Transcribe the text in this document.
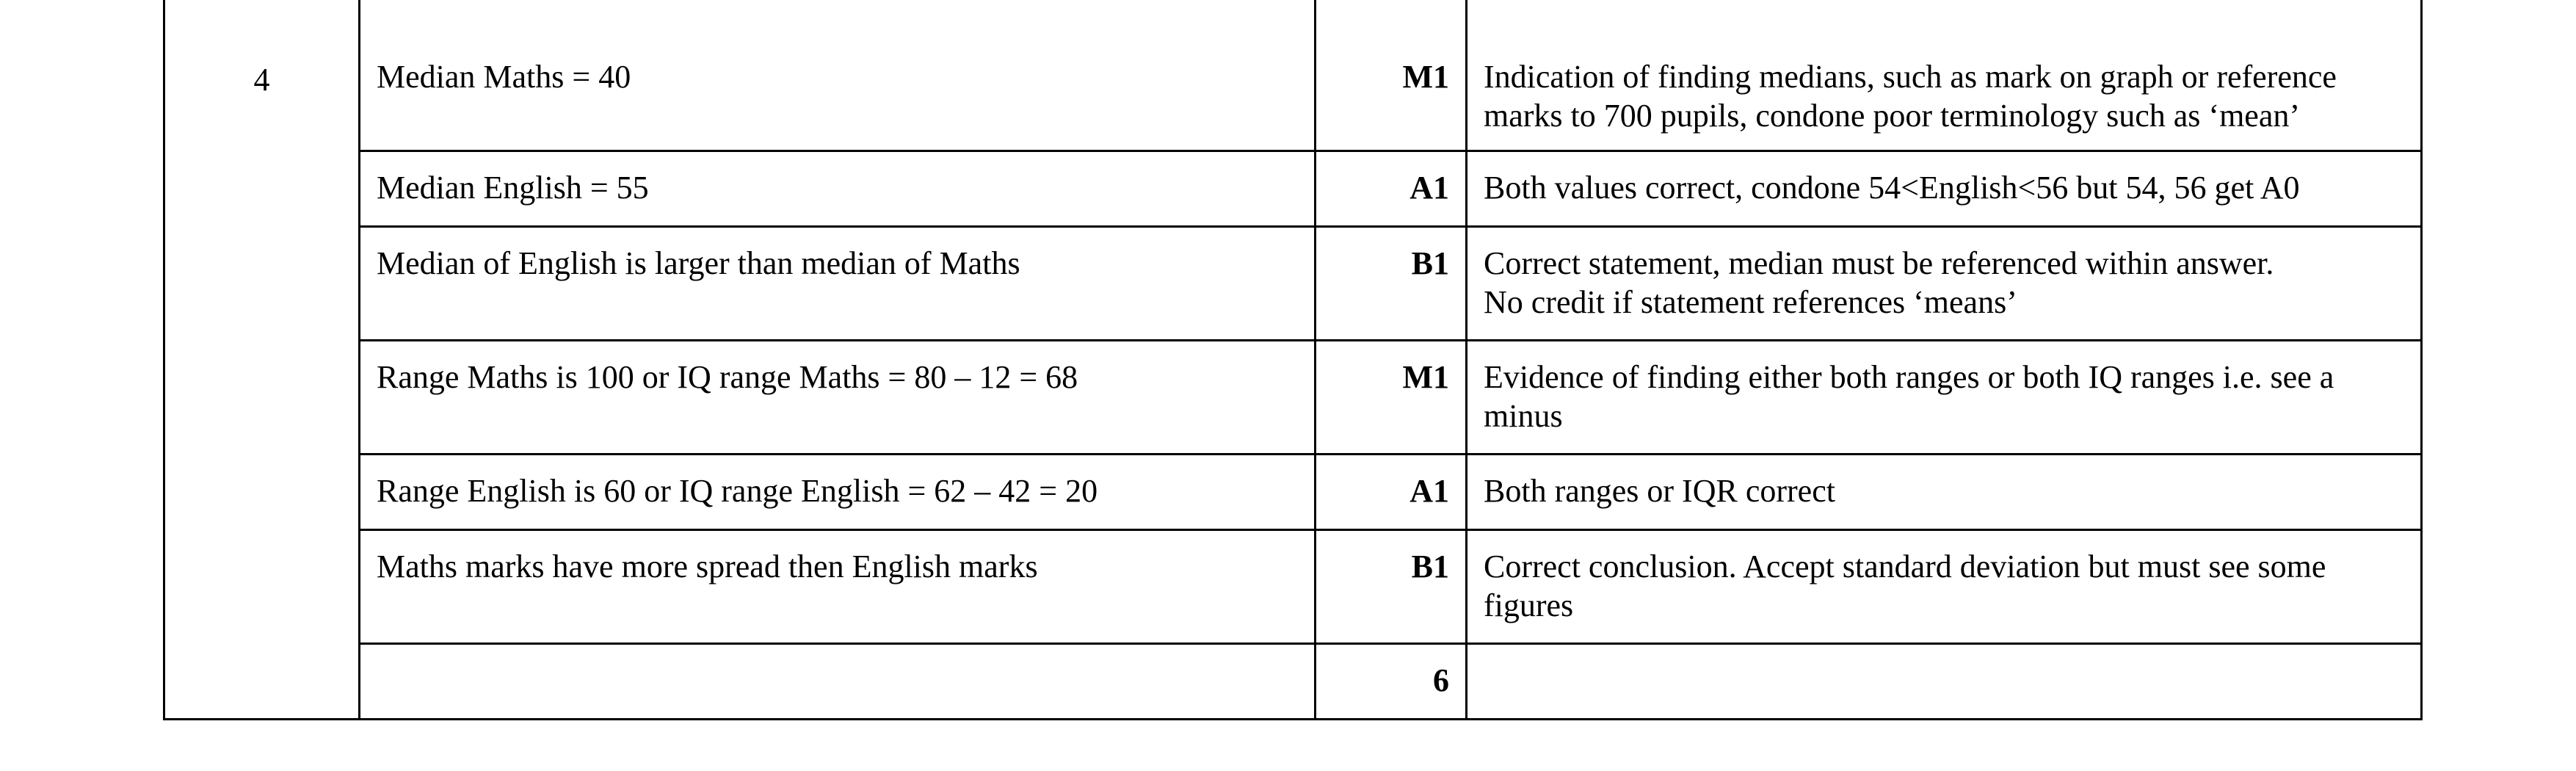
4	Median Maths = 40	M1	Indication of finding medians, such as mark on graph or reference
marks to 700 pupils, condone poor terminology such as ‘mean’

	Median English = 55	A1	Both values correct, condone 54<English<56 but 54, 56 get A0

	Median of English is larger than median of Maths	B1	Correct statement, median must be referenced within answer.
No credit if statement references ‘means’

	Range Maths is 100 or IQ range Maths = 80 – 12 = 68	M1	Evidence of finding either both ranges or both IQ ranges i.e. see a
minus

	Range English is 60 or IQ range English = 62 – 42 = 20	A1	Both ranges or IQR correct

	Maths marks have more spread then English marks	B1	Correct conclusion. Accept standard deviation but must see some
figures

		6	
